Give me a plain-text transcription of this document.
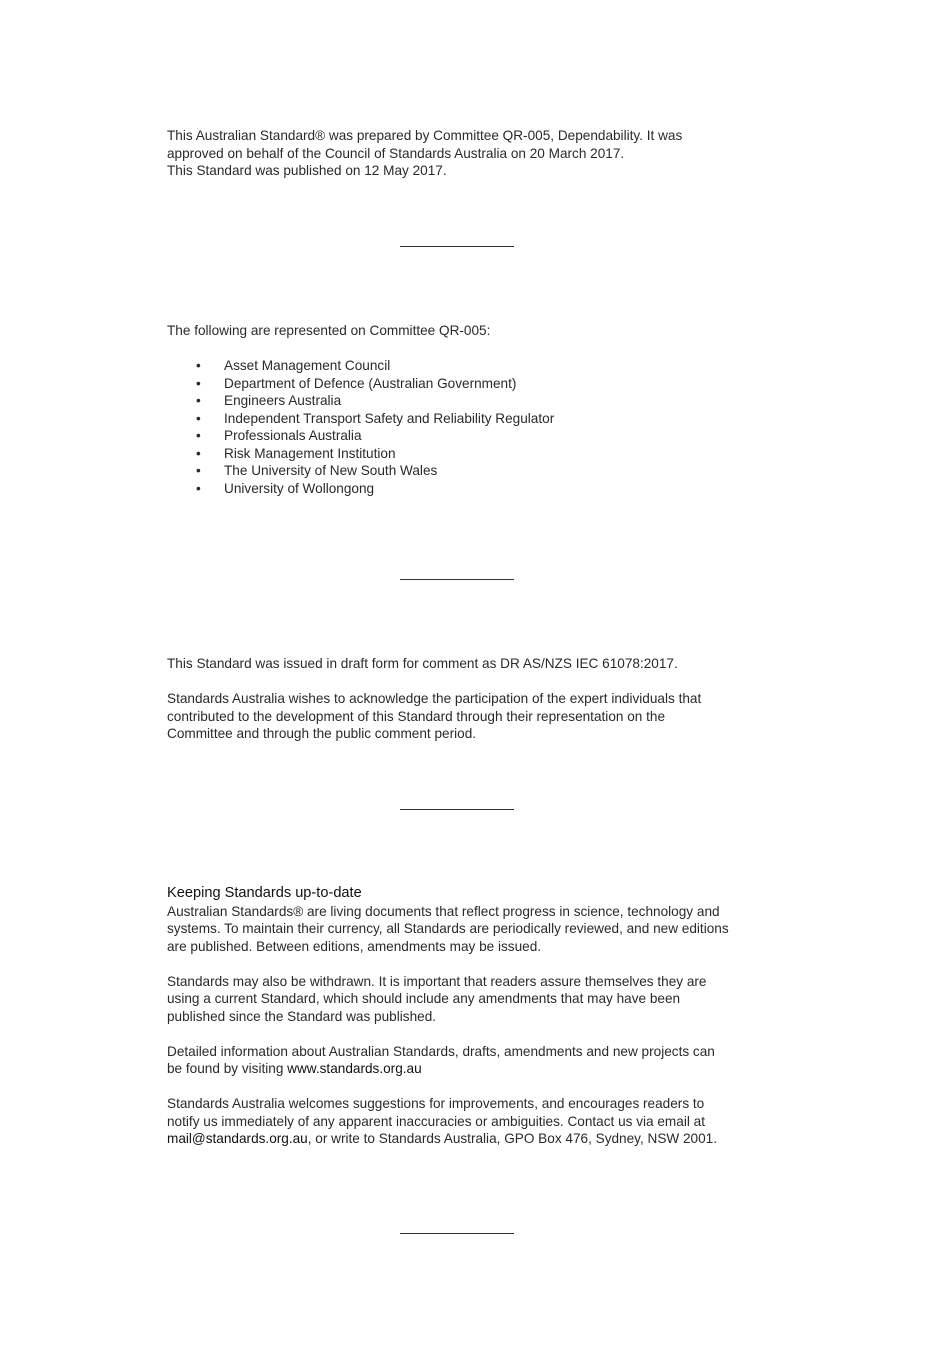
This Australian Standard® was prepared by Committee QR-005, Dependability. It was

approved on behalf of the Council of Standards Australia on 20 March 2017.

This Standard was published on 12 May 2017.

The following are represented on Committee QR-005:

• Asset Management Council
• Department of Defence (Australian Government)
• Engineers Australia
• Independent Transport Safety and Reliability Regulator
• Professionals Australia
• Risk Management Institution
• The University of New South Wales
• University of Wollongong

This Standard was issued in draft form for comment as DR AS/NZS IEC 61078:2017.

Standards Australia wishes to acknowledge the participation of the expert individuals that

contributed to the development of this Standard through their representation on the

Committee and through the public comment period.

Keeping Standards up-to-date

Australian Standards® are living documents that reflect progress in science, technology and

systems. To maintain their currency, all Standards are periodically reviewed, and new editions

are published. Between editions, amendments may be issued.

Standards may also be withdrawn. It is important that readers assure themselves they are

using a current Standard, which should include any amendments that may have been

published since the Standard was published.

Detailed information about Australian Standards, drafts, amendments and new projects can

be found by visiting www.standards.org.au

Standards Australia welcomes suggestions for improvements, and encourages readers to

notify us immediately of any apparent inaccuracies or ambiguities. Contact us via email at

mail@standards.org.au, or write to Standards Australia, GPO Box 476, Sydney, NSW 2001.
